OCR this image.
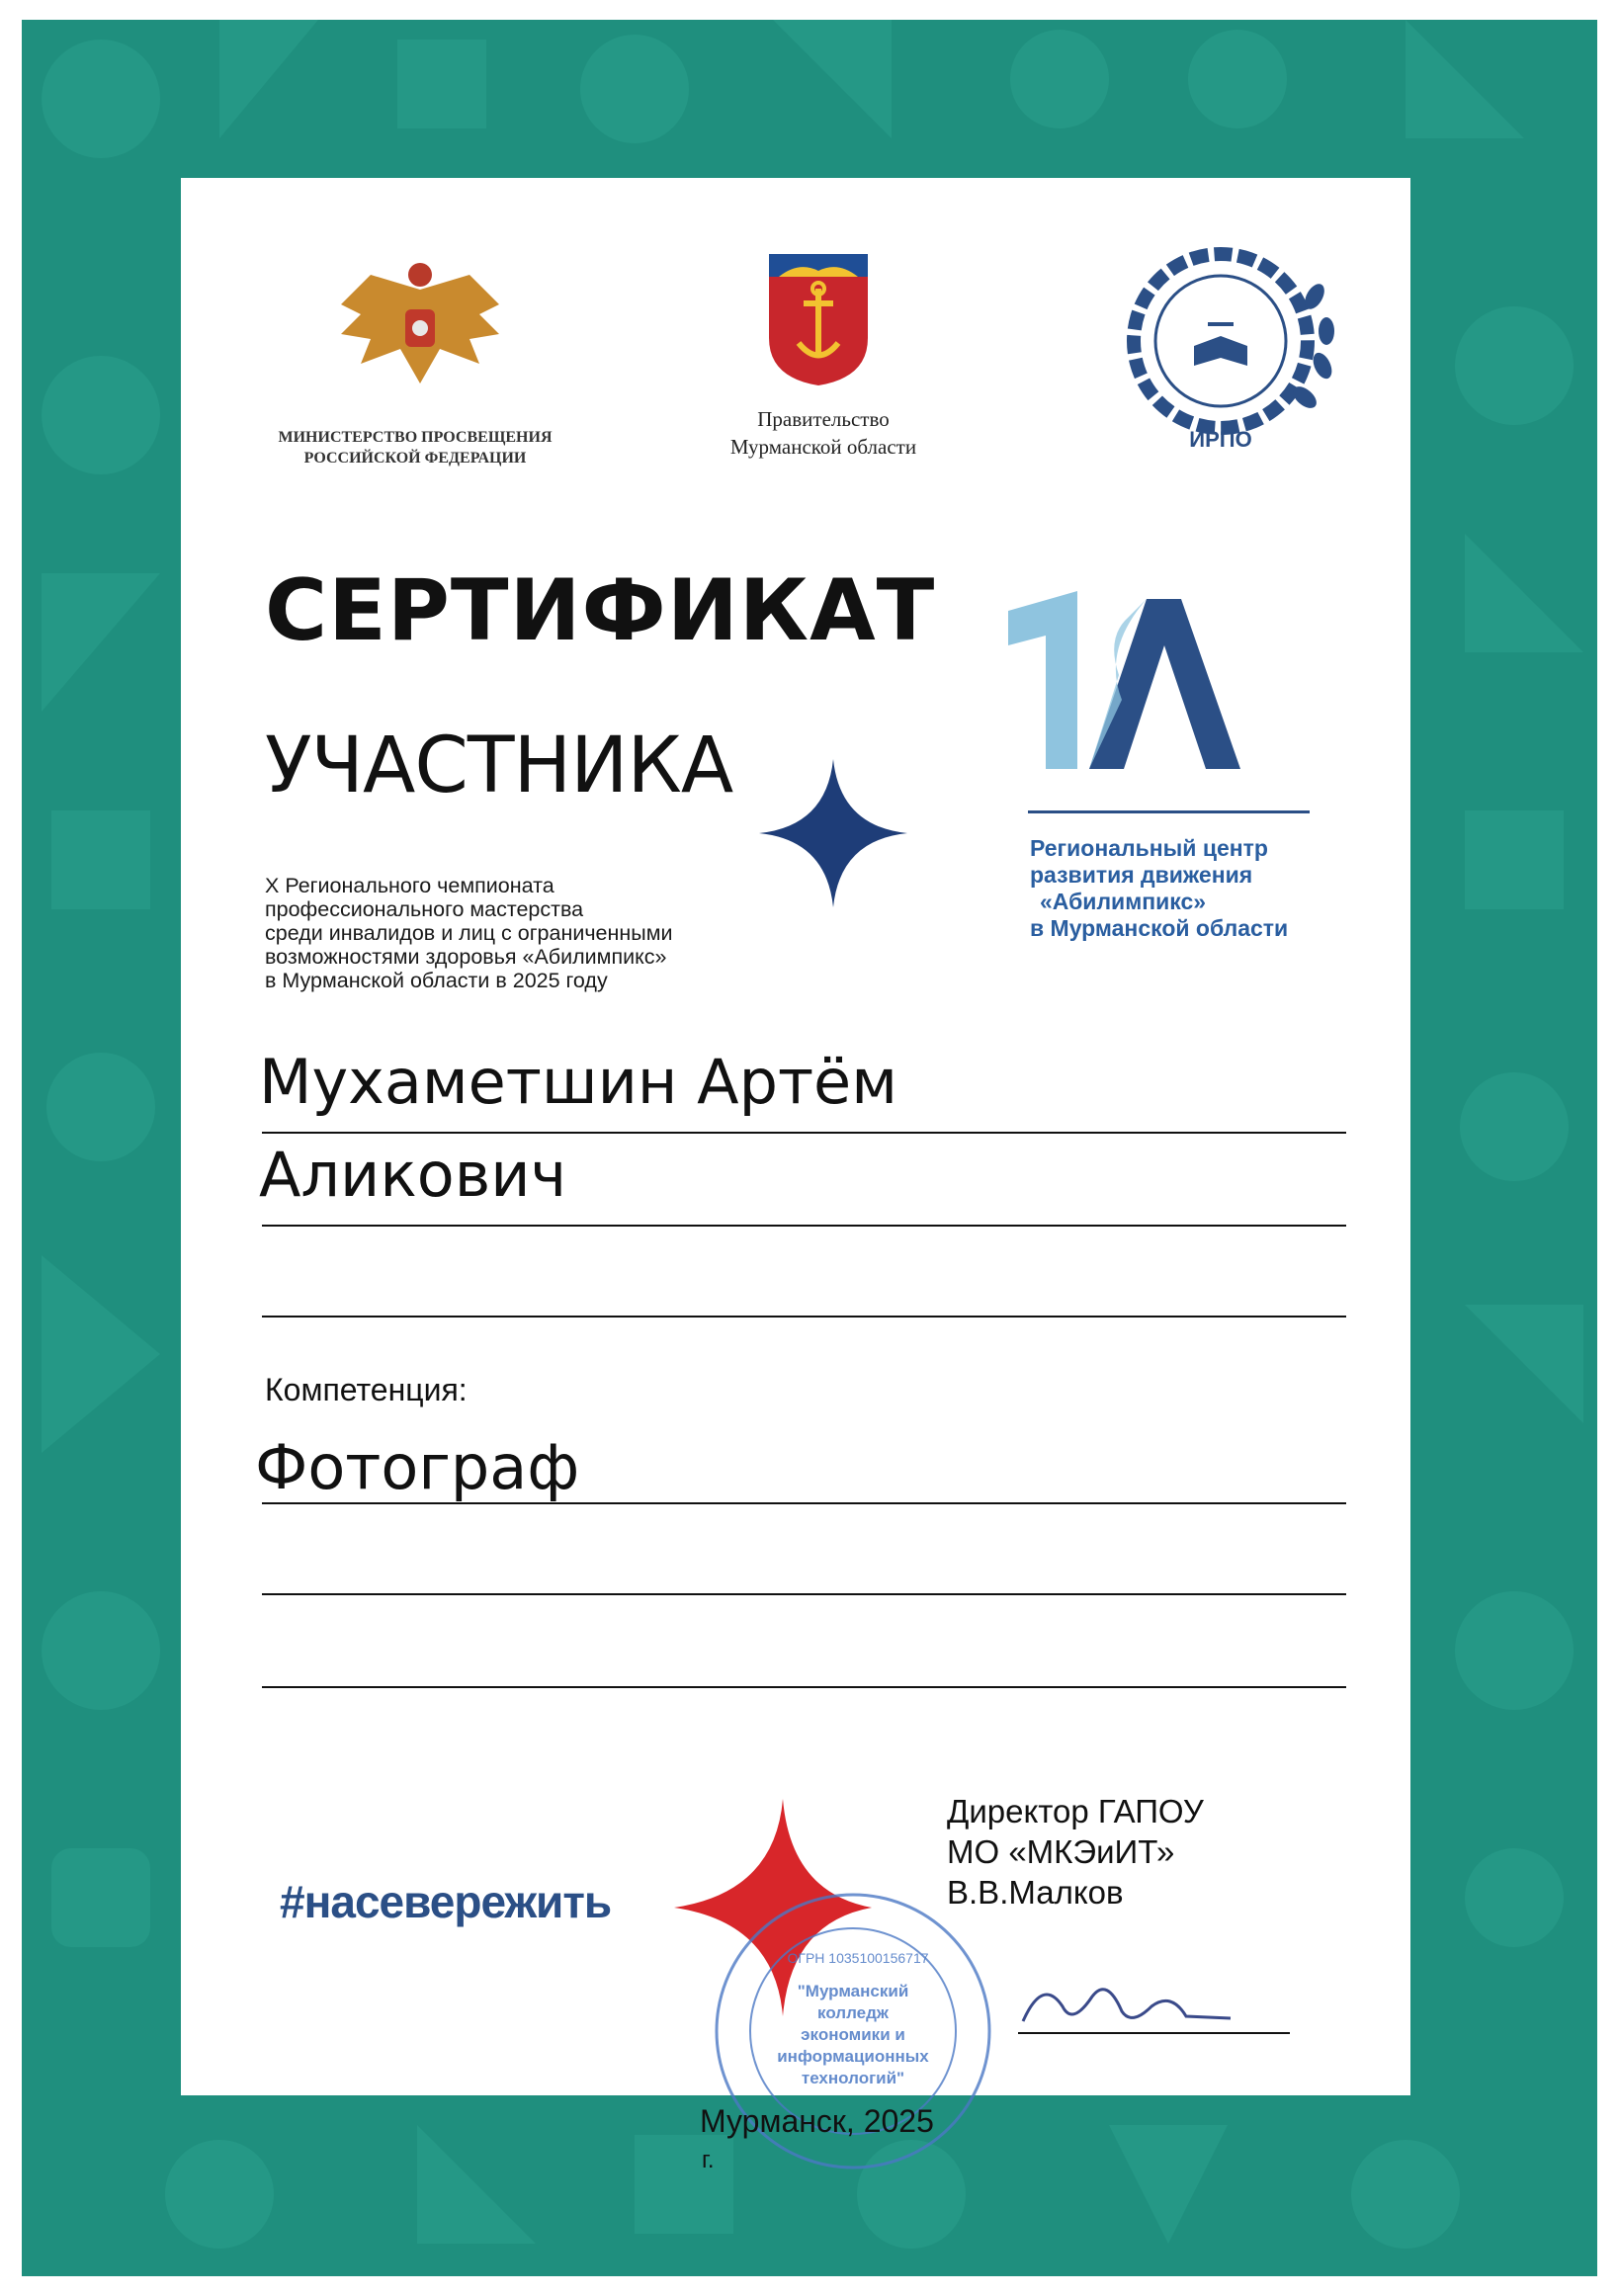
МИНИСТЕРСТВО ПРОСВЕЩЕНИЯ
РОССИЙСКОЙ ФЕДЕРАЦИИ
Правительство
Мурманской области	ИРПО
СЕРТИФИКАТ
УЧАСТНИКА
X Регионального чемпионата
профессионального мастерства
среди инвалидов и лиц с ограниченными
возможностями здоровья «Абилимпикс»
в Мурманской области в 2025 году
Региональный центр
развития движения
«Абилимпикс»
в Мурманской области
Мухаметшин Артём
Аликович
Компетенция:
Фотограф
Директор ГАПОУ
МО «МКЭиИТ»
В.В.Малков
#насевережить
"Мурманский
колледж
экономики и
информационных
технологий"
ОГРН 1035100156717
Мурманск, 2025
г.
